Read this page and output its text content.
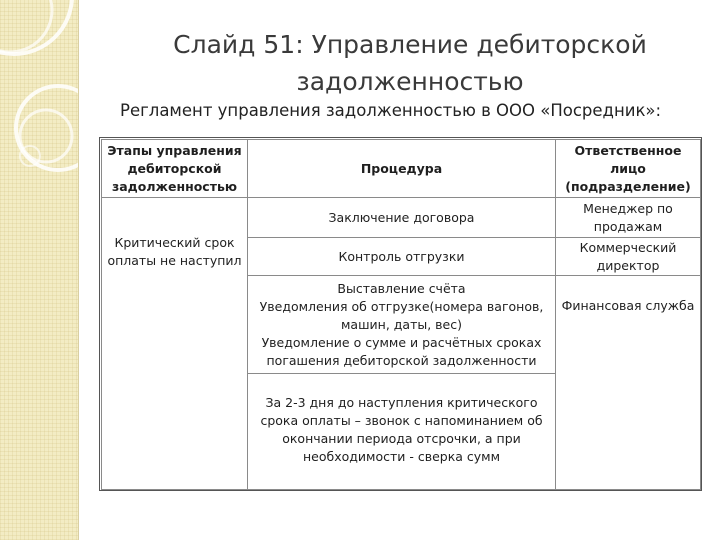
Слайд 51: Управление дебиторской задолженностью
Регламент управления задолженностью в ООО «Посредник»:
Этапы управления дебиторской задолженностью	Процедура	Ответственное лицо (подразделение)
Критический срок оплаты не наступил	Заключение договора	Менеджер по продажам
	Контроль отгрузки	Коммерческий директор
	Выставление счёта
Уведомления об отгрузке(номера вагонов, машин, даты, вес)
Уведомление о сумме и расчётных сроках погашения дебиторской задолженности	Финансовая служба
	За 2-3 дня до наступления критического срока оплаты – звонок с напоминанием об окончании периода отсрочки, а при необходимости - сверка сумм	
